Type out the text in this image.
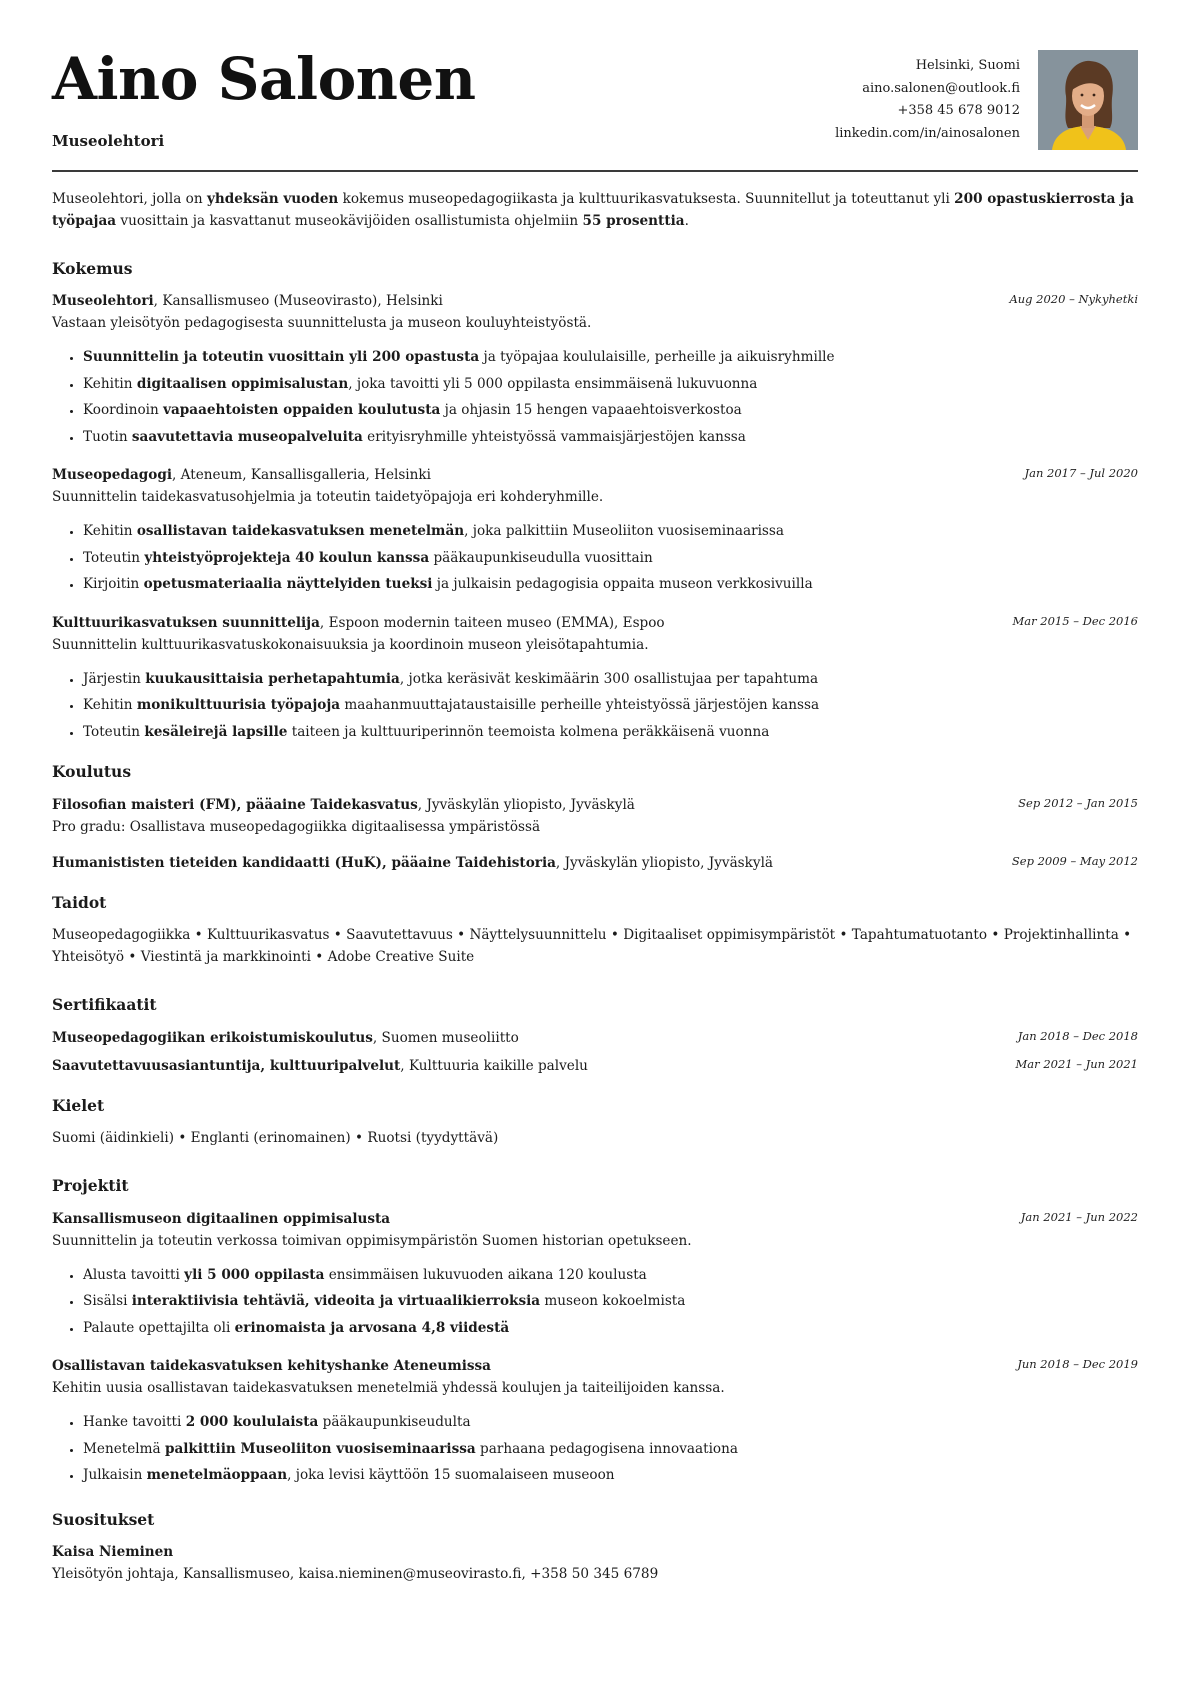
Aino Salonen
Museolehtori
Helsinki, Suomi
aino.salonen@outlook.fi
+358 45 678 9012
linkedin.com/in/ainosalonen
Museolehtori, jolla on yhdeksän vuoden kokemus museopedagogiikasta ja kulttuurikasvatuksesta. Suunnitellut ja toteuttanut yli 200 opastuskierrosta ja työpajaa vuosittain ja kasvattanut museokävijöiden osallistumista ohjelmiin 55 prosenttia.
Kokemus
Museolehtori, Kansallismuseo (Museovirasto), Helsinki	Aug 2020 – Nykyhetki
Vastaan yleisötyön pedagogisesta suunnittelusta ja museon kouluyhteistyöstä.
• Suunnittelin ja toteutin vuosittain yli 200 opastusta ja työpajaa koululaisille, perheille ja aikuisryhmille
• Kehitin digitaalisen oppimisalustan, joka tavoitti yli 5 000 oppilasta ensimmäisenä lukuvuonna
• Koordinoin vapaaehtoisten oppaiden koulutusta ja ohjasin 15 hengen vapaaehtoisverkostoa
• Tuotin saavutettavia museopalveluita erityisryhmille yhteistyössä vammaisjärjestöjen kanssa
Museopedagogi, Ateneum, Kansallisgalleria, Helsinki	Jan 2017 – Jul 2020
Suunnittelin taidekasvatusohjelmia ja toteutin taidetyöpajoja eri kohderyhmille.
• Kehitin osallistavan taidekasvatuksen menetelmän, joka palkittiin Museoliiton vuosiseminaarissa
• Toteutin yhteistyöprojekteja 40 koulun kanssa pääkaupunkiseudulla vuosittain
• Kirjoitin opetusmateriaalia näyttelyiden tueksi ja julkaisin pedagogisia oppaita museon verkkosivuilla
Kulttuurikasvatuksen suunnittelija, Espoon modernin taiteen museo (EMMA), Espoo	Mar 2015 – Dec 2016
Suunnittelin kulttuurikasvatuskokonaisuuksia ja koordinoin museon yleisötapahtumia.
• Järjestin kuukausittaisia perhetapahtumia, jotka keräsivät keskimäärin 300 osallistujaa per tapahtuma
• Kehitin monikulttuurisia työpajoja maahanmuuttajataustaisille perheille yhteistyössä järjestöjen kanssa
• Toteutin kesäleirejä lapsille taiteen ja kulttuuriperinnön teemoista kolmena peräkkäisenä vuonna
Koulutus
Filosofian maisteri (FM), pääaine Taidekasvatus, Jyväskylän yliopisto, Jyväskylä	Sep 2012 – Jan 2015
Pro gradu: Osallistava museopedagogiikka digitaalisessa ympäristössä
Humanististen tieteiden kandidaatti (HuK), pääaine Taidehistoria, Jyväskylän yliopisto, Jyväskylä	Sep 2009 – May 2012
Taidot
Museopedagogiikka • Kulttuurikasvatus • Saavutettavuus • Näyttelysuunnittelu • Digitaaliset oppimisympäristöt • Tapahtumatuotanto • Projektinhallinta • Yhteisötyö • Viestintä ja markkinointi • Adobe Creative Suite
Sertifikaatit
Museopedagogiikan erikoistumiskoulutus, Suomen museoliitto	Jan 2018 – Dec 2018
Saavutettavuusasiantuntija, kulttuuripalvelut, Kulttuuria kaikille palvelu	Mar 2021 – Jun 2021
Kielet
Suomi (äidinkieli) • Englanti (erinomainen) • Ruotsi (tyydyttävä)
Projektit
Kansallismuseon digitaalinen oppimisalusta	Jan 2021 – Jun 2022
Suunnittelin ja toteutin verkossa toimivan oppimisympäristön Suomen historian opetukseen.
• Alusta tavoitti yli 5 000 oppilasta ensimmäisen lukuvuoden aikana 120 koulusta
• Sisälsi interaktiivisia tehtäviä, videoita ja virtuaalikierroksia museon kokoelmista
• Palaute opettajilta oli erinomaista ja arvosana 4,8 viidestä
Osallistavan taidekasvatuksen kehityshanke Ateneumissa	Jun 2018 – Dec 2019
Kehitin uusia osallistavan taidekasvatuksen menetelmiä yhdessä koulujen ja taiteilijoiden kanssa.
• Hanke tavoitti 2 000 koululaista pääkaupunkiseudulta
• Menetelmä palkittiin Museoliiton vuosiseminaarissa parhaana pedagogisena innovaationa
• Julkaisin menetelmäoppaan, joka levisi käyttöön 15 suomalaiseen museoon
Suositukset
Kaisa Nieminen
Yleisötyön johtaja, Kansallismuseo, kaisa.nieminen@museovirasto.fi, +358 50 345 6789
